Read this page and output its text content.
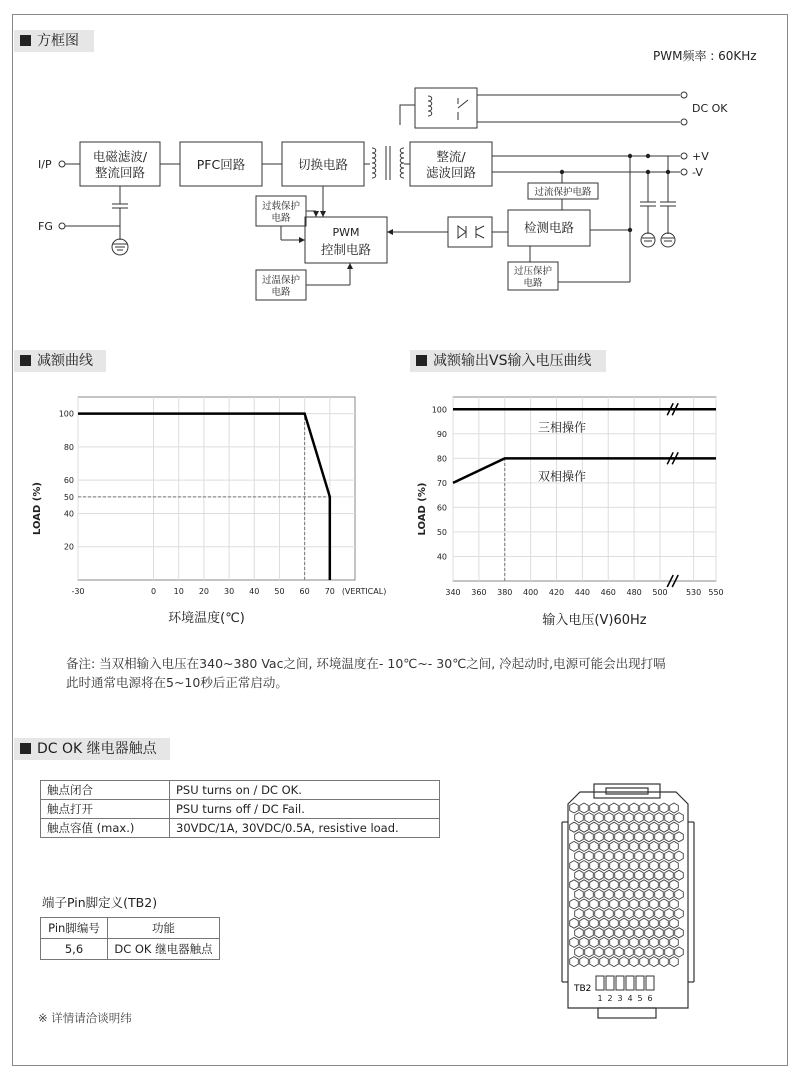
方框图
PWM频率 : 60KHz
I/P
FG
DC OK
+V
-V
电磁滤波/
整流回路
PFC回路	切换电路
整流/
滤波回路
PWM
控制电路
检测电路
过流保护电路
过载保护
电路
过温保护
电路
过压保护
电路
减额曲线	减额输出VS输入电压曲线
-30	0 10 20 30 40 50 60 70 (VERTICAL)
20
40
50
60
80
100
环境温度(℃)
LOAD (%)
340 360 380 400 420 440 460 480 500 530 550
40
50
60
70
80
90
100
三相操作
双相操作
输入电压(V)60Hz
LOAD (%)
备注: 当双相输入电压在340~380 Vac之间, 环境温度在- 10℃~- 30℃之间, 冷起动时,电源可能会出现打嗝
此时通常电源将在5~10秒后正常启动。
DC OK 继电器触点
触点闭合	PSU turns on / DC OK.
触点打开	PSU turns off / DC Fail.
触点容值 (max.)	30VDC/1A, 30VDC/0.5A, resistive load.
端子Pin脚定义(TB2)
Pin脚编号	功能
5,6	DC OK 继电器触点
※ 详情请洽谈明纬
TB2
1 2 3 4 5 6
